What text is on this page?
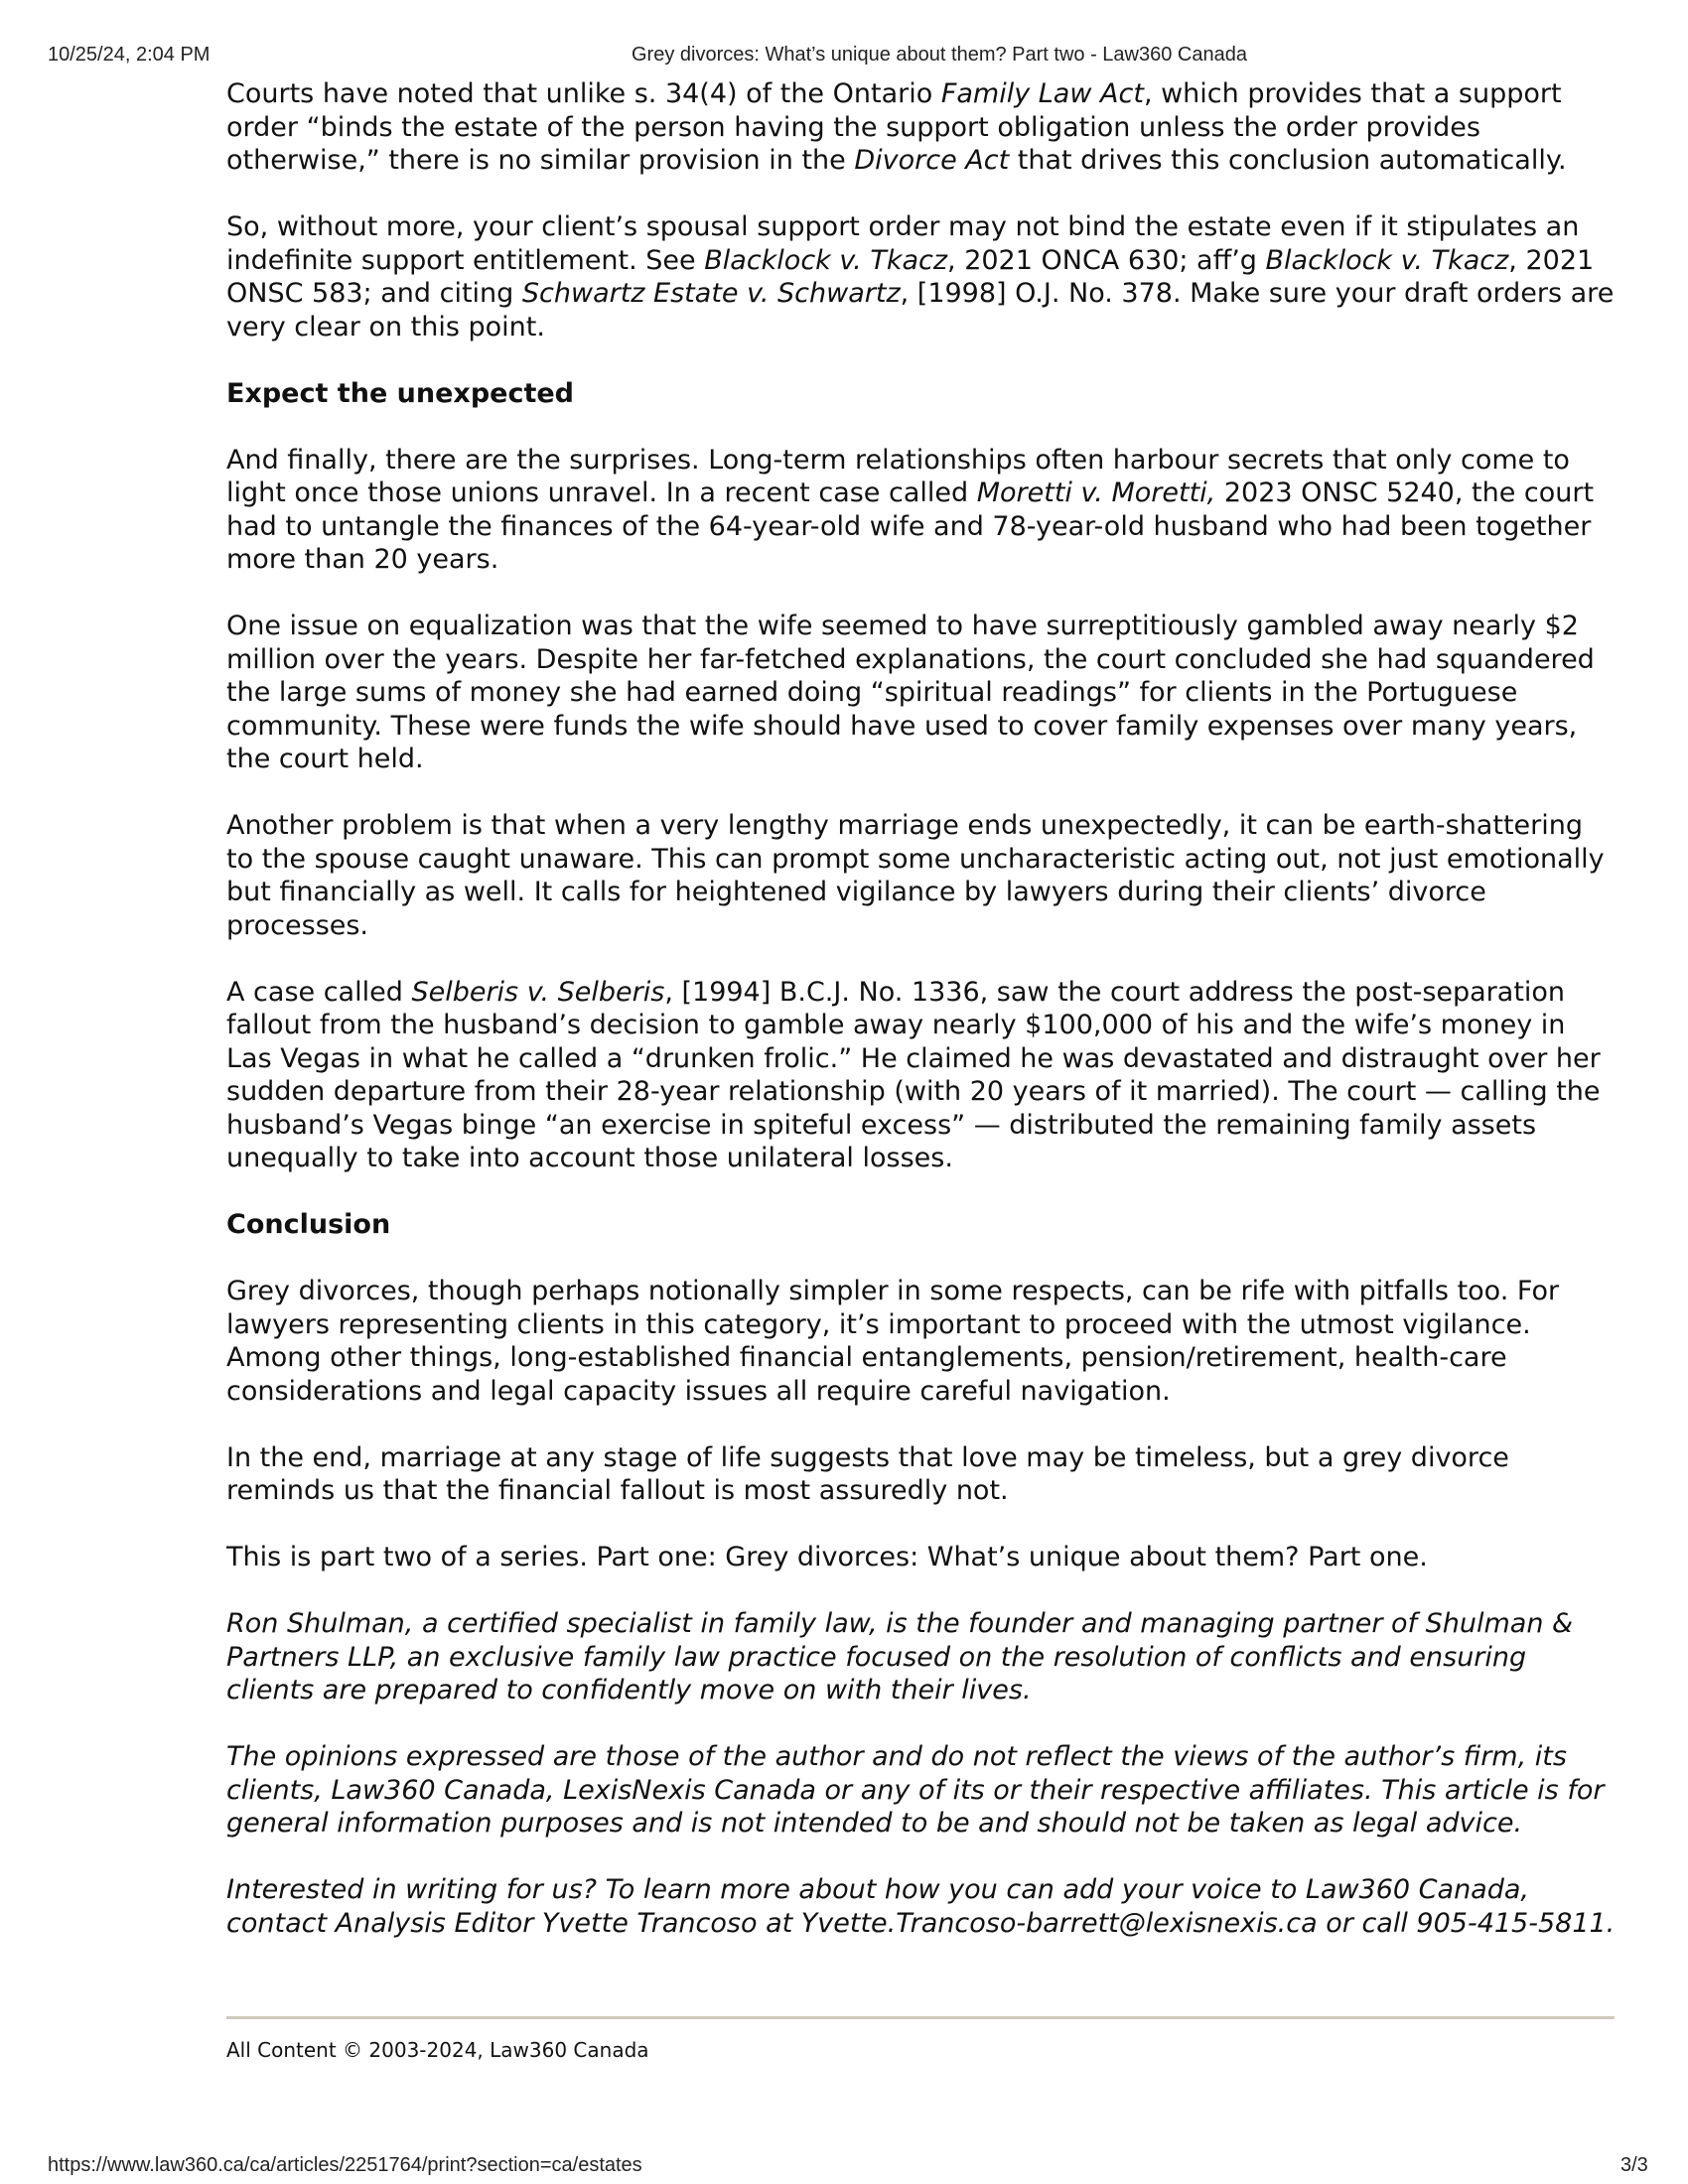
10/25/24, 2:04 PM	Grey divorces: What’s unique about them? Part two - Law360 Canada

Courts have noted that unlike s. 34(4) of the Ontario Family Law Act, which provides that a support order “binds the estate of the person having the support obligation unless the order provides otherwise,” there is no similar provision in the Divorce Act that drives this conclusion automatically.

So, without more, your client’s spousal support order may not bind the estate even if it stipulates an indefinite support entitlement. See Blacklock v. Tkacz, 2021 ONCA 630; aff’g Blacklock v. Tkacz, 2021 ONSC 583; and citing Schwartz Estate v. Schwartz, [1998] O.J. No. 378. Make sure your draft orders are very clear on this point.

Expect the unexpected

And finally, there are the surprises. Long-term relationships often harbour secrets that only come to light once those unions unravel. In a recent case called Moretti v. Moretti, 2023 ONSC 5240, the court had to untangle the finances of the 64-year-old wife and 78-year-old husband who had been together more than 20 years.

One issue on equalization was that the wife seemed to have surreptitiously gambled away nearly $2 million over the years. Despite her far-fetched explanations, the court concluded she had squandered the large sums of money she had earned doing “spiritual readings” for clients in the Portuguese community. These were funds the wife should have used to cover family expenses over many years, the court held.

Another problem is that when a very lengthy marriage ends unexpectedly, it can be earth-shattering to the spouse caught unaware. This can prompt some uncharacteristic acting out, not just emotionally but financially as well. It calls for heightened vigilance by lawyers during their clients’ divorce processes.

A case called Selberis v. Selberis, [1994] B.C.J. No. 1336, saw the court address the post-separation fallout from the husband’s decision to gamble away nearly $100,000 of his and the wife’s money in Las Vegas in what he called a “drunken frolic.” He claimed he was devastated and distraught over her sudden departure from their 28-year relationship (with 20 years of it married). The court — calling the husband’s Vegas binge “an exercise in spiteful excess” — distributed the remaining family assets unequally to take into account those unilateral losses.

Conclusion

Grey divorces, though perhaps notionally simpler in some respects, can be rife with pitfalls too. For lawyers representing clients in this category, it’s important to proceed with the utmost vigilance. Among other things, long-established financial entanglements, pension/retirement, health-care considerations and legal capacity issues all require careful navigation.

In the end, marriage at any stage of life suggests that love may be timeless, but a grey divorce reminds us that the financial fallout is most assuredly not.

This is part two of a series. Part one: Grey divorces: What’s unique about them? Part one.

Ron Shulman, a certified specialist in family law, is the founder and managing partner of Shulman & Partners LLP, an exclusive family law practice focused on the resolution of conflicts and ensuring clients are prepared to confidently move on with their lives.

The opinions expressed are those of the author and do not reflect the views of the author’s firm, its clients, Law360 Canada, LexisNexis Canada or any of its or their respective affiliates. This article is for general information purposes and is not intended to be and should not be taken as legal advice.

Interested in writing for us? To learn more about how you can add your voice to Law360 Canada, contact Analysis Editor Yvette Trancoso at Yvette.Trancoso-barrett@lexisnexis.ca or call 905-415-5811.

All Content © 2003-2024, Law360 Canada
https://www.law360.ca/ca/articles/2251764/print?section=ca/estates	3/3
